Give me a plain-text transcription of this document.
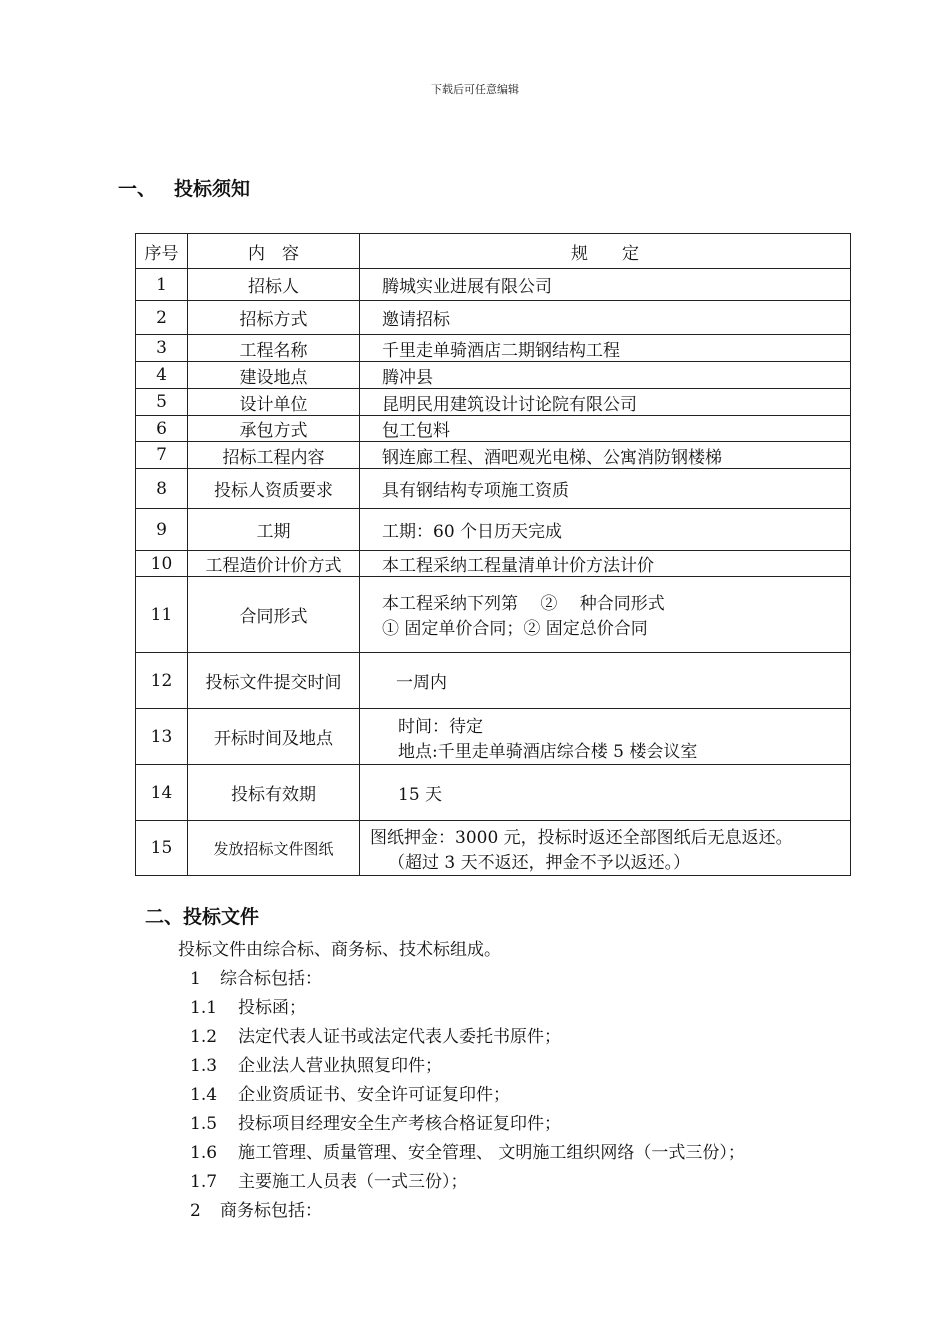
下载后可任意编辑
一、 投标须知
序号	内　容	规　　定
1	招标人	腾城实业进展有限公司
2	招标方式	邀请招标
3	工程名称	千里走单骑酒店二期钢结构工程
4	建设地点	腾冲县
5	设计单位	昆明民用建筑设计讨论院有限公司
6	承包方式	包工包料
7	招标工程内容	钢连廊工程、酒吧观光电梯、公寓消防钢楼梯
8	投标人资质要求	具有钢结构专项施工资质
9	工期	工期：60 个日历天完成
10	工程造价计价方式	本工程采纳工程量清单计价方法计价
11	合同形式	本工程采纳下列第　 ②　 种合同形式
① 固定单价合同；② 固定总价合同

12	投标文件提交时间	一周内
13	开标时间及地点	时间：待定
地点:千里走单骑酒店综合楼 5 楼会议室

14	投标有效期	15 天
15	发放招标文件图纸	图纸押金：3000 元，投标时返还全部图纸后无息返还。
（超过 3 天不返还，押金不予以返还。）
二、投标文件
投标文件由综合标、商务标、技术标组成。
1 综合标包括：
1.1 投标函；
1.2 法定代表人证书或法定代表人委托书原件；
1.3 企业法人营业执照复印件；
1.4 企业资质证书、安全许可证复印件；
1.5 投标项目经理安全生产考核合格证复印件；
1.6 施工管理、质量管理、安全管理、 文明施工组织网络（一式三份）；
1.7 主要施工人员表（一式三份）；
2 商务标包括：
